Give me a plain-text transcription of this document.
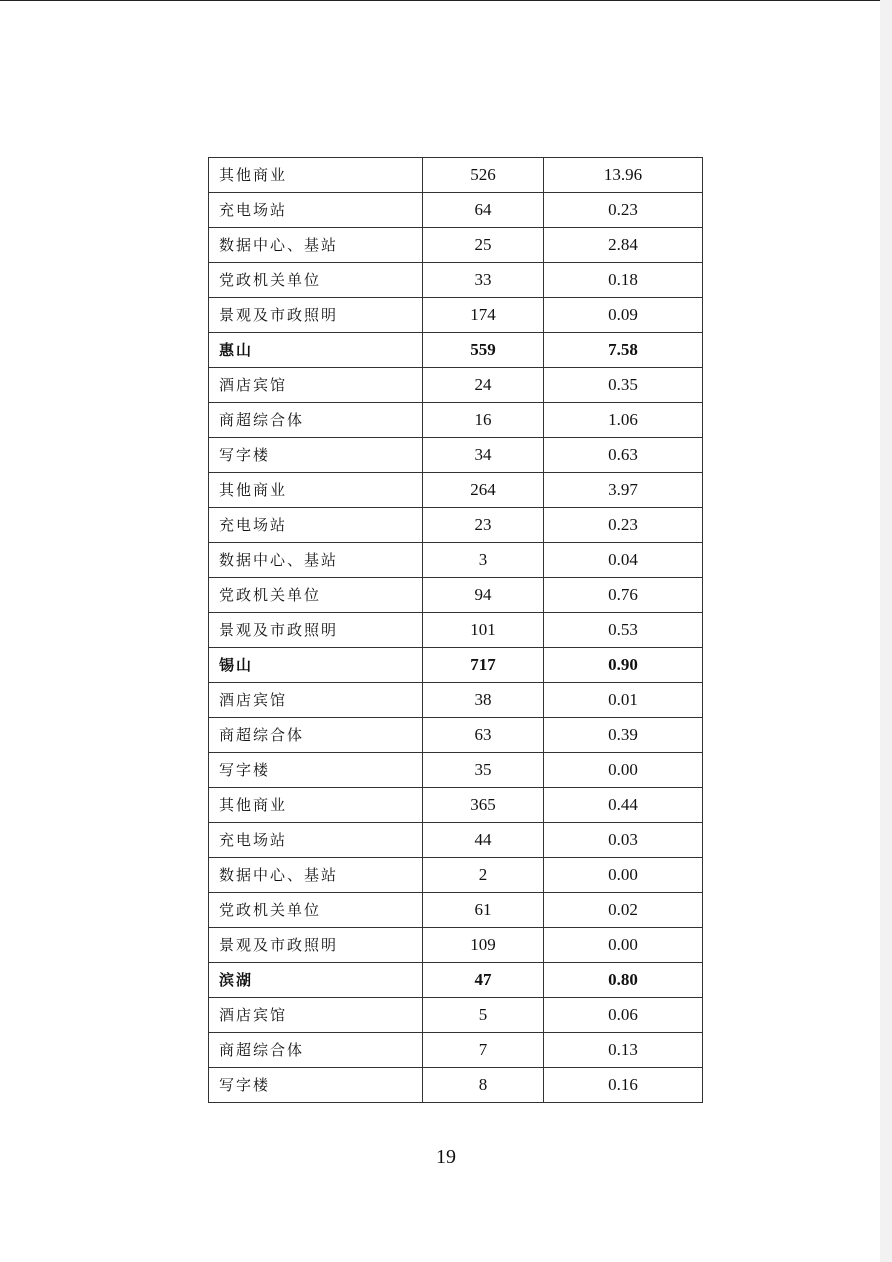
其他商业	526	13.96
充电场站	64	0.23
数据中心、基站	25	2.84
党政机关单位	33	0.18
景观及市政照明	174	0.09
惠山	559	7.58
酒店宾馆	24	0.35
商超综合体	16	1.06
写字楼	34	0.63
其他商业	264	3.97
充电场站	23	0.23
数据中心、基站	3	0.04
党政机关单位	94	0.76
景观及市政照明	101	0.53
锡山	717	0.90
酒店宾馆	38	0.01
商超综合体	63	0.39
写字楼	35	0.00
其他商业	365	0.44
充电场站	44	0.03
数据中心、基站	2	0.00
党政机关单位	61	0.02
景观及市政照明	109	0.00
滨湖	47	0.80
酒店宾馆	5	0.06
商超综合体	7	0.13
写字楼	8	0.16
19
